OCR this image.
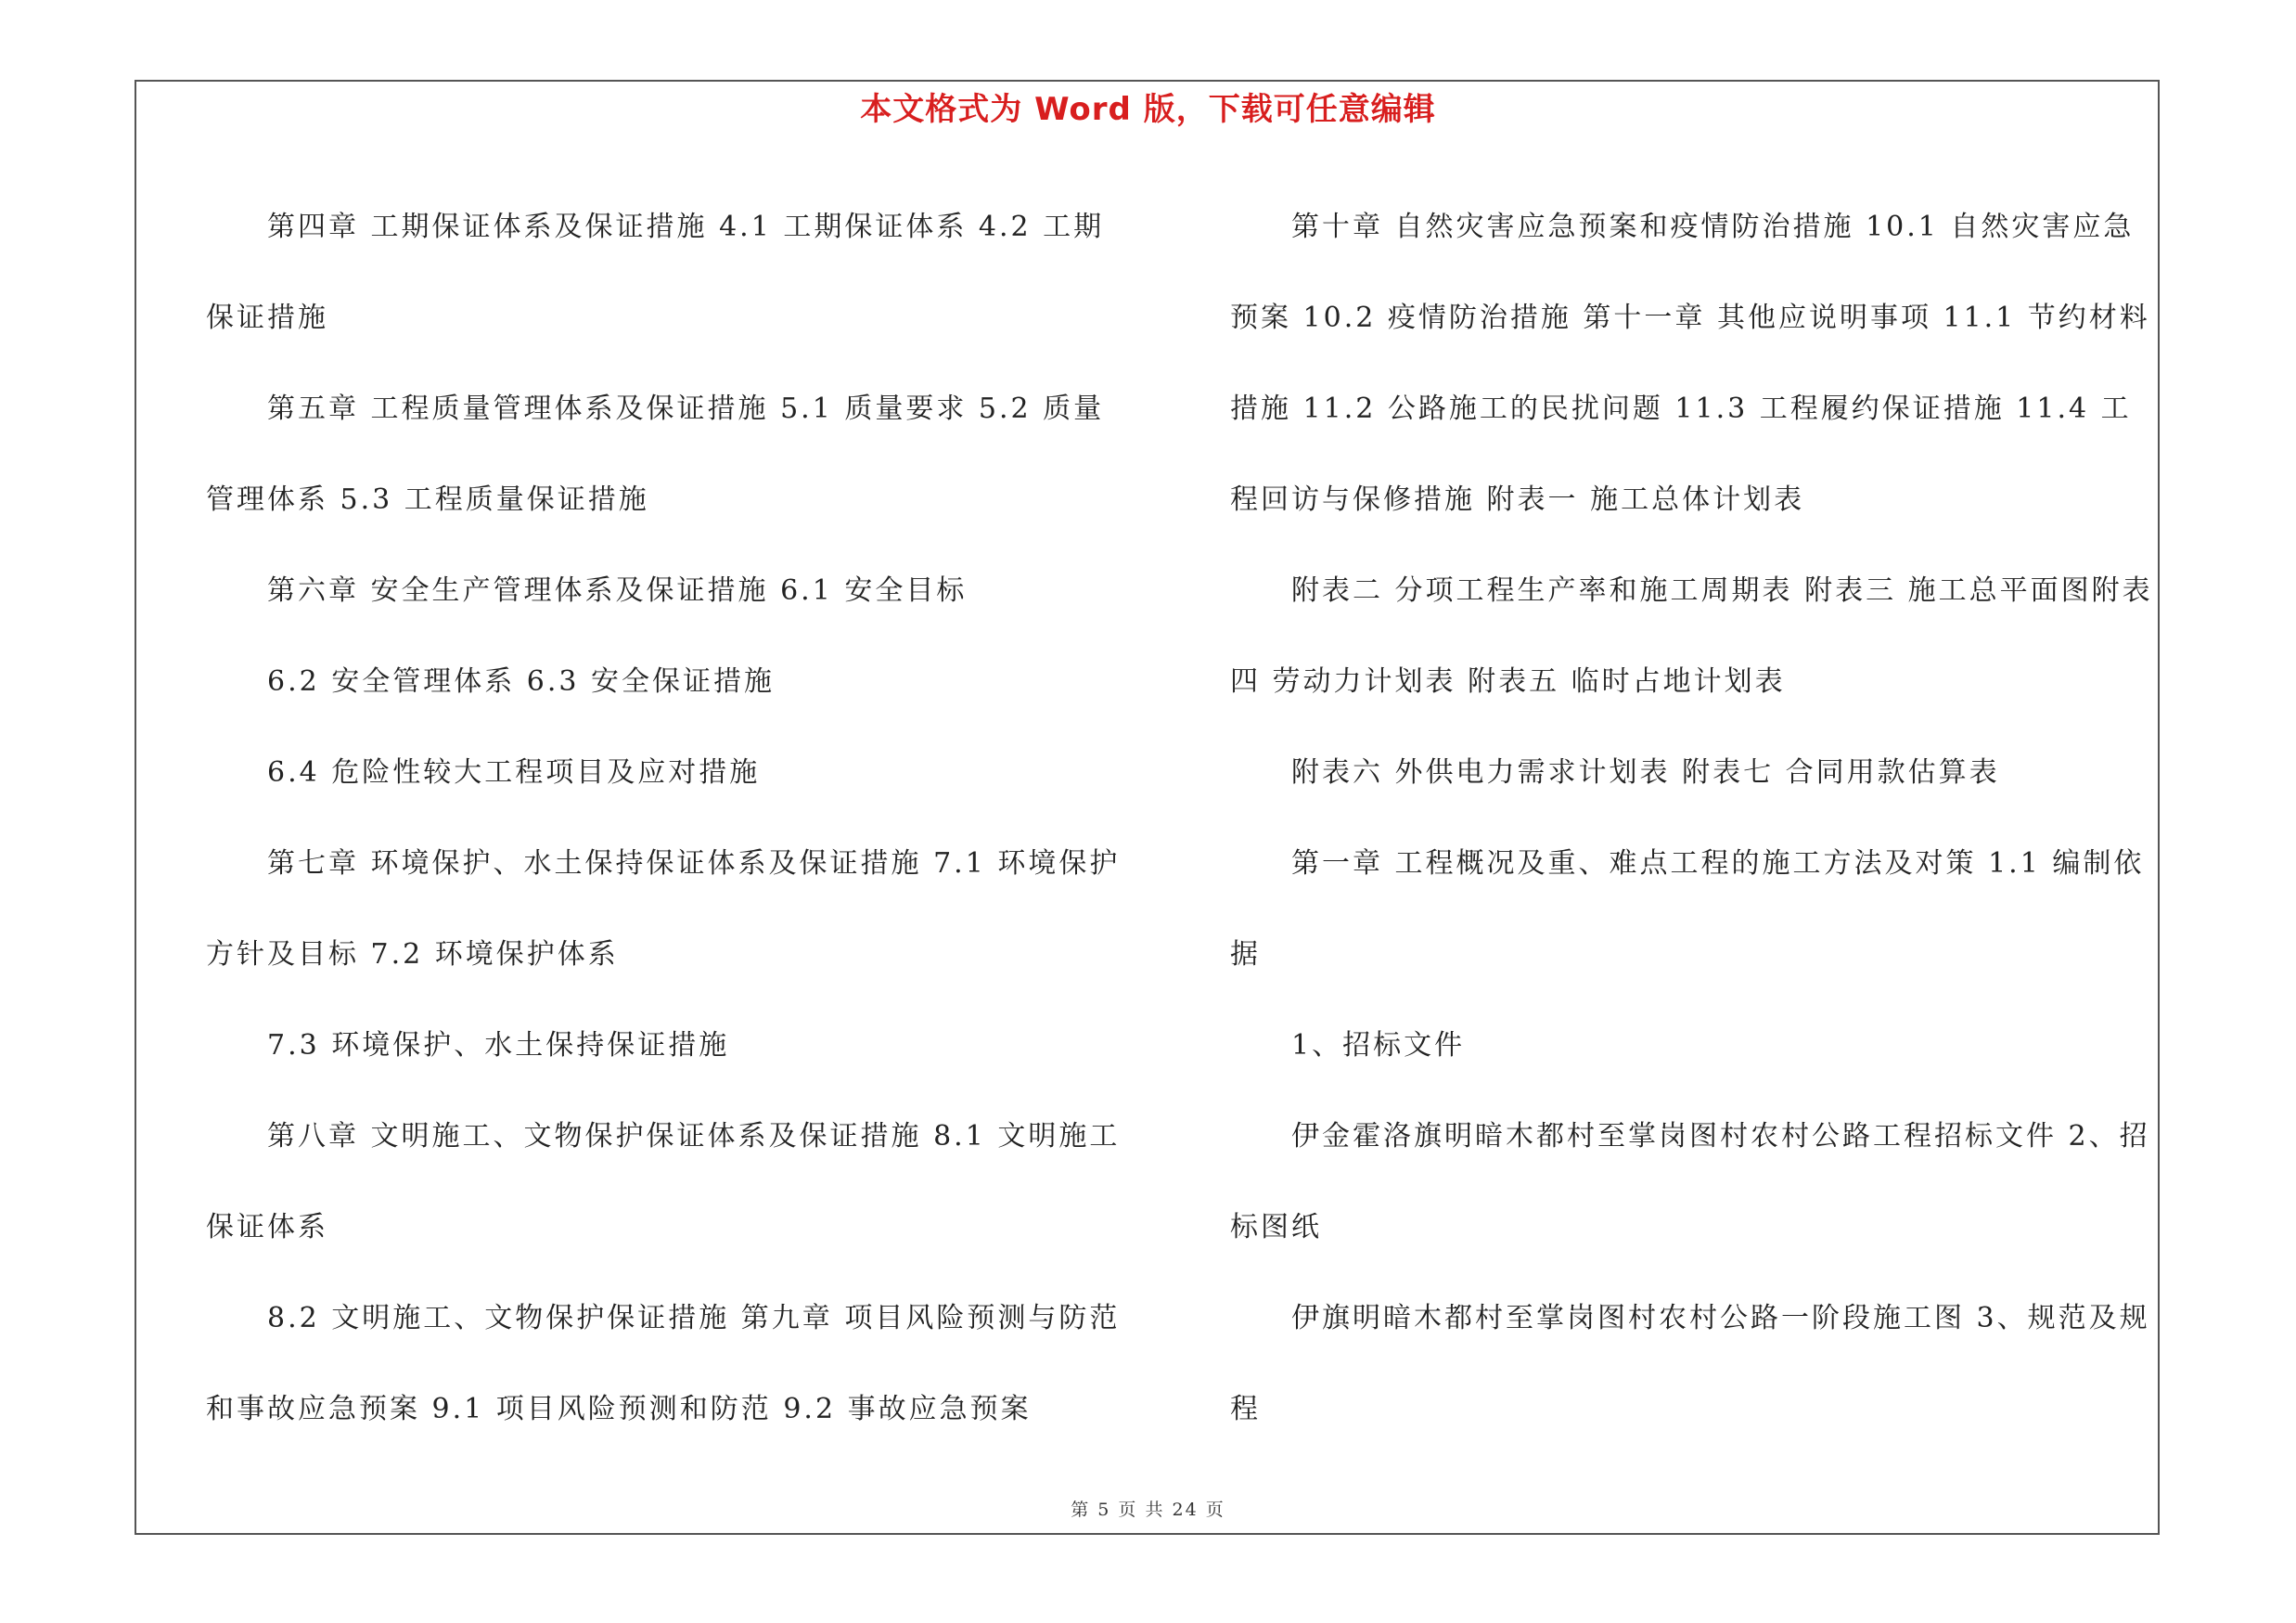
本文格式为 Word 版，下载可任意编辑

第四章 工期保证体系及保证措施 4.1 工期保证体系 4.2 工期保证措施

第五章 工程质量管理体系及保证措施 5.1 质量要求 5.2 质量管理体系 5.3 工程质量保证措施

第六章 安全生产管理体系及保证措施 6.1 安全目标

6.2 安全管理体系 6.3 安全保证措施

6.4 危险性较大工程项目及应对措施

第七章 环境保护、水土保持保证体系及保证措施 7.1 环境保护方针及目标 7.2 环境保护体系

7.3 环境保护、水土保持保证措施

第八章 文明施工、文物保护保证体系及保证措施 8.1 文明施工保证体系

8.2 文明施工、文物保护保证措施 第九章 项目风险预测与防范和事故应急预案 9.1 项目风险预测和防范 9.2 事故应急预案

第十章 自然灾害应急预案和疫情防治措施 10.1 自然灾害应急预案 10.2 疫情防治措施 第十一章 其他应说明事项 11.1 节约材料措施 11.2 公路施工的民扰问题 11.3 工程履约保证措施 11.4 工程回访与保修措施 附表一 施工总体计划表

附表二 分项工程生产率和施工周期表 附表三 施工总平面图附表四 劳动力计划表 附表五 临时占地计划表

附表六 外供电力需求计划表 附表七 合同用款估算表

第一章 工程概况及重、难点工程的施工方法及对策 1.1 编制依据

1、招标文件

伊金霍洛旗明暗木都村至掌岗图村农村公路工程招标文件 2、招标图纸

伊旗明暗木都村至掌岗图村农村公路一阶段施工图 3、规范及规程

第 5 页 共 24 页
